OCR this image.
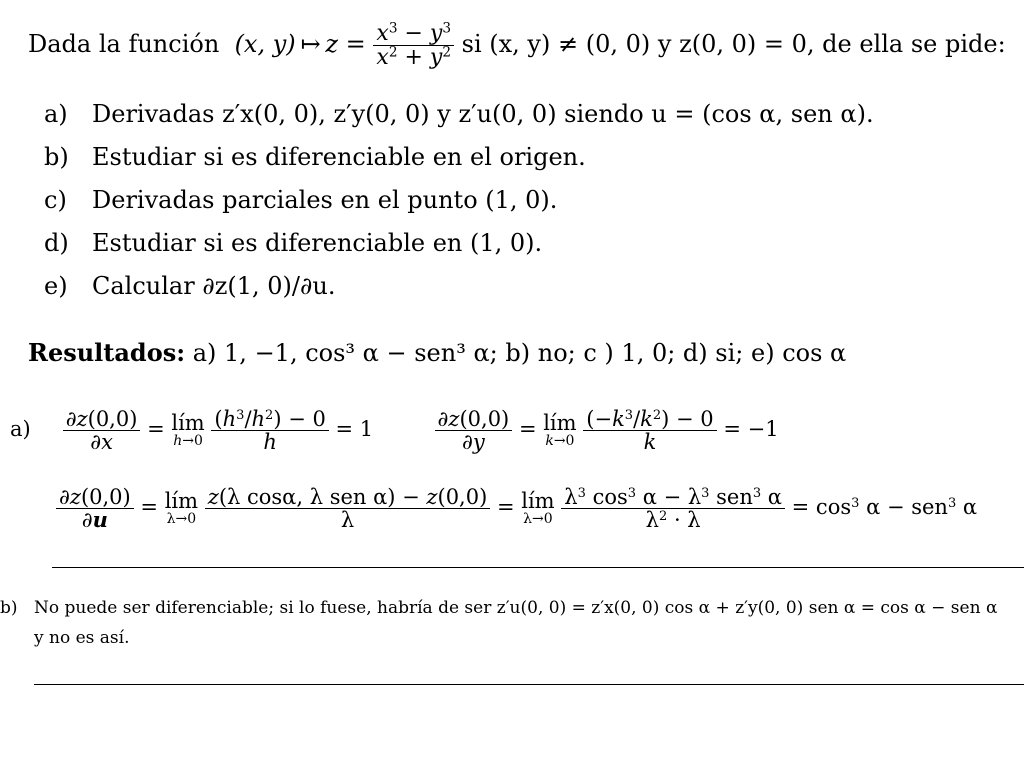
Dada la función  (x, y) ↦ $z = \frac{x^3 - y^3}{x^2 + y^2}$ si (x, y) ≠ (0, 0) y z(0, 0) = 0, de ella se pide:
a) Derivadas z′x(0, 0), z′y(0, 0) y z′u(0, 0) siendo u = (cos α, sen α).
b) Estudiar si es diferenciable en el origen.
c) Derivadas parciales en el punto (1, 0).
d) Estudiar si es diferenciable en (1, 0).
e) Calcular ∂z(1, 0)/∂u.
Resultados: a) 1, −1, cos³ α − sen³ α; b) no; c ) 1, 0; d) si; e) cos α
$a) \frac{\partial z(0,0)}{\partial x}$ = lím
h→0
$\frac{(h^3/h^2) - 0}{h} = 1$	$\frac{\partial z(0,0)}{\partial y}$ = lím
k→0
$\frac{(-k^3/k^2) - 0}{k} = -1$
$\frac{\partial z(0,0)}{\partial u}$ = lím
λ→0
$\frac{\text{z(λ cosα, λ sen α) − z(0,0)}}{\lambda}$ = lím
λ→0
$\frac{\lambda^3 \cos^3 \alpha - \lambda^3 sen^3 \alpha}{\lambda^2 \cdot \lambda} = \cos^3 \alpha - sen^3$ α
b) No puede ser diferenciable; si lo fuese, habría de ser z′u(0, 0) = z′x(0, 0) cos α + z′y(0, 0) sen α = cos α − sen α
y no es así.
